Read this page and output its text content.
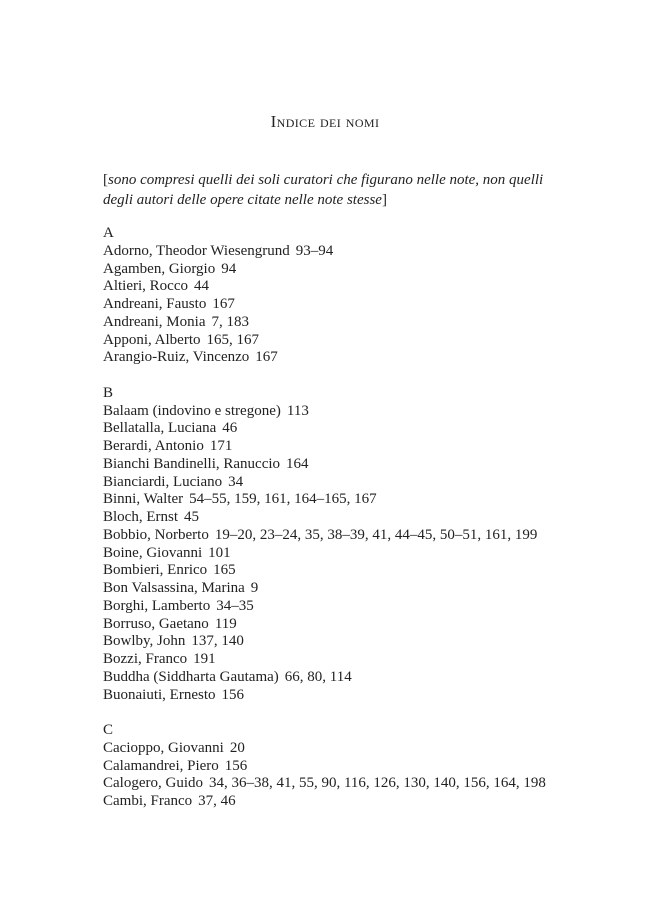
Indice dei nomi

[sono compresi quelli dei soli curatori che figurano nelle note, non quelli degli autori delle opere citate nelle note stesse]

A
Adorno, Theodor Wiesengrund 93–94
Agamben, Giorgio 94
Altieri, Rocco 44
Andreani, Fausto 167
Andreani, Monia 7, 183
Apponi, Alberto 165, 167
Arangio-Ruiz, Vincenzo 167
B
Balaam (indovino e stregone) 113
Bellatalla, Luciana 46
Berardi, Antonio 171
Bianchi Bandinelli, Ranuccio 164
Bianciardi, Luciano 34
Binni, Walter 54–55, 159, 161, 164–165, 167
Bloch, Ernst 45
Bobbio, Norberto 19–20, 23–24, 35, 38–39, 41, 44–45, 50–51, 161, 199
Boine, Giovanni 101
Bombieri, Enrico 165
Bon Valsassina, Marina 9
Borghi, Lamberto 34–35
Borruso, Gaetano 119
Bowlby, John 137, 140
Bozzi, Franco 191
Buddha (Siddharta Gautama) 66, 80, 114
Buonaiuti, Ernesto 156
C
Cacioppo, Giovanni 20
Calamandrei, Piero 156
Calogero, Guido 34, 36–38, 41, 55, 90, 116, 126, 130, 140, 156, 164, 198
Cambi, Franco 37, 46
